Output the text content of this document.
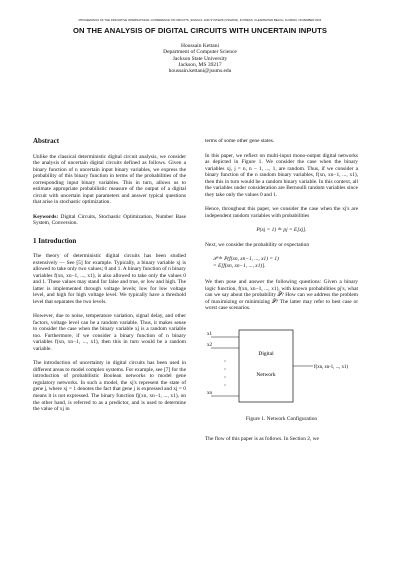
PROCEEDINGS OF THE INNOVATIVE INTERNATIONAL CONFERENCE ON CIRCUITS, SIGNALS, AND SYSTEMS (CSS2004), IN PRESS, CLEARWATER BEACH, FLORIDA, NOVEMBER 2004
ON THE ANALYSIS OF DIGITAL CIRCUITS WITH UNCERTAIN INPUTS
Houssain Kettani
Department of Computer Science
Jackson State University
Jackson, MS 39217
houssain.kettani@jsums.edu
Abstract

Unlike the classical deterministic digital circuit analysis, we consider the analysis of uncertain digital circuits defined as follows. Given a binary function of n uncertain input binary variables, we express the probability of this binary function in terms of the probabilities of the corresponding input binary variables. This in turn, allows us to estimate appropriate probabilistic measure of the output of a digital circuit with uncertain input parameters and answer typical questions that arise in stochastic optimization.

Keywords: Digital Circuits, Stochastic Optimization, Number Base System, Conversion.

1 Introduction

The theory of deterministic digital circuits has been studied extensively — See [5] for example. Typically, a binary variable xj is allowed to take only two values; 0 and 1. A binary function of n binary variables f(xn, xn−1, ..., x1), is also allowed to take only the values 0 and 1. These values may stand for false and true, or low and high. The latter is implemented through voltage levels; low for low voltage level, and high for high voltage level. We typically have a threshold level that separates the two levels.

However, due to noise, temperature variation, signal delay, and other factors, voltage level can be a random variable. Thus, it makes sense to consider the case when the binary variable xj is a random variable too. Furthermore, if we consider a binary function of n binary variables f(xn, xn−1, ..., x1), then this in turn would be a random variable.

The introduction of uncertainty in digital circuits has been used in different areas to model complex systems. For example, see [7] for the introduction of probabilistic Boolean networks to model gene regulatory networks. In such a model, the xj's represent the state of gene j, where xj = 1 denotes the fact that gene j is expressed and xj = 0 means it is not expressed. The binary function fj(xn, xn−1, ..., x1), on the other hand, is referred to as a predictor, and is used to determine the value of xj in

terms of some other gene states.

In this paper, we reflect on multi-input mono-output digital networks as depicted in Figure 1. We consider the case when the binary variables xj, j = n, n − 1, ..., 1, are random. Thus, if we consider a binary function of the n random binary variables, f(xn, xn−1, ..., x1), then this in turn would be a random binary variable. In this context, all the variables under consideration are Bernoulli random variables since they take only the values 0 and 1.

Hence, throughout this paper, we consider the case when the xj's are independent random variables with probabilities

P(xj = 1) ≐ pj = E[xj].

Next, we consider the probability or expectation

𝒫 ≐ P(f(xn, xn−1, ..., x1) = 1)
= E[f(xn, xn−1, ..., x1)].

We then pose and answer the following questions: Given a binary logic function, f(xn, xn−1, ..., x1), with known probabilities pj's, what can we say about the probability 𝒫? How can we address the problem of maximizing or minimizing 𝒫? The latter may refer to best case or worst case scenarios.

x1
x2
xn
Digital
Network
f(xn, xn-1, ..., x1)
Figure 1. Network Configuration

The flow of this paper is as follows. In Section 2, we
